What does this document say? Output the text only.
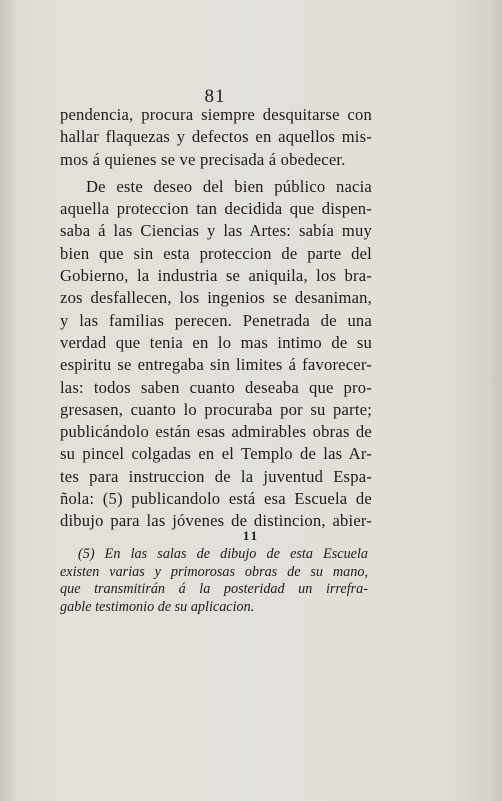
81
pendencia, procura siempre desquitarse con
hallar flaquezas y defectos en aquellos mis-
mos á quienes se ve precisada á obedecer.
De este deseo del bien público nacia
aquella proteccion tan decidida que dispen-
saba á las Ciencias y las Artes: sabía muy
bien que sin esta proteccion de parte del
Gobierno, la industria se aniquila, los bra-
zos desfallecen, los ingenios se desaniman,
y las familias perecen. Penetrada de una
verdad que tenia en lo mas intimo de su
espiritu se entregaba sin limites á favorecer-
las: todos saben cuanto deseaba que pro-
gresasen, cuanto lo procuraba por su parte;
publicándolo están esas admirables obras de
su pincel colgadas en el Templo de las Ar-
tes para instruccion de la juventud Espa-
ñola: (5) publicandolo está esa Escuela de
dibujo para las jóvenes de distincion, abier-
11
(5) En las salas de dibujo de esta Escuela
existen varias y primorosas obras de su mano,
que transmitirán á la posteridad un irrefra-
gable testimonio de su aplicacion.
